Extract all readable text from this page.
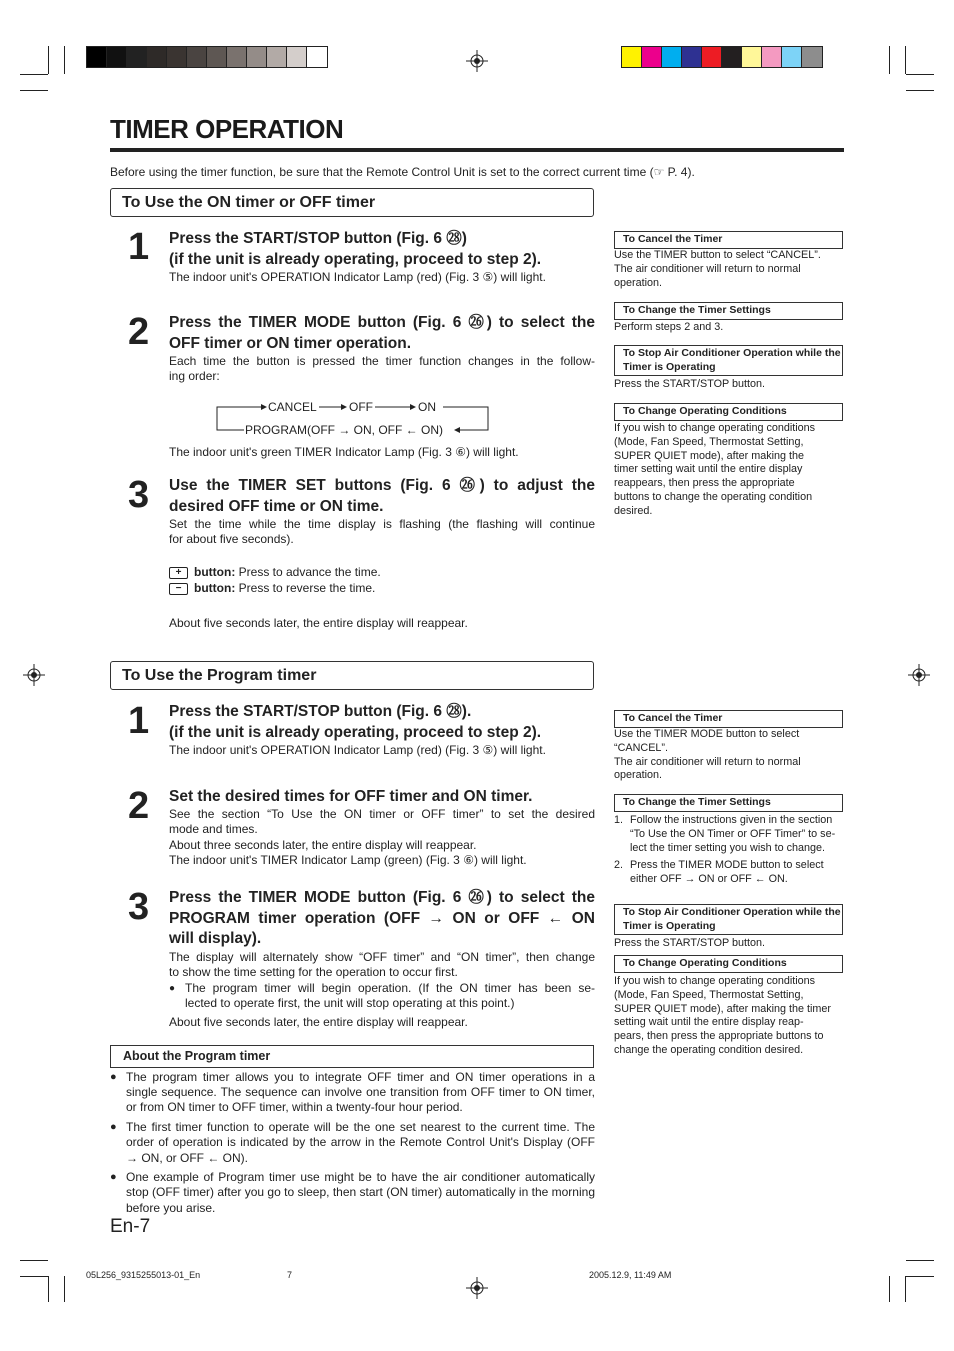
TIMER OPERATION
Before using the timer function, be sure that the Remote Control Unit is set to the correct current time (☞ P. 4).
To Use the ON timer or OFF timer
1 Press the START/STOP button (Fig. 6 ㉘)
(if the unit is already operating, proceed to step 2).
The indoor unit's OPERATION Indicator Lamp (red) (Fig. 3 ⑤) will light.
2 Press the TIMER MODE button (Fig. 6 ㉖) to select the
OFF timer or ON timer operation.
Each time the button is pressed the timer function changes in the follow-
ing order:
CANCEL	OFF	ON
PROGRAM(OFF → ON, OFF ← ON)
The indoor unit's green TIMER Indicator Lamp (Fig. 3 ⑥) will light.
3 Use the TIMER SET buttons (Fig. 6 ㉖) to adjust the
desired OFF time or ON time.
Set the time while the time display is flashing (the flashing will continue
for about five seconds).
+ button: Press to advance the time.
− button: Press to reverse the time.
About five seconds later, the entire display will reappear.
To Cancel the Timer

Use the TIMER button to select “CANCEL”.

The air conditioner will return to normal

operation.

To Change the Timer Settings

Perform steps 2 and 3.

To Stop Air Conditioner Operation while the Timer is Operating

Press the START/STOP button.

To Change Operating Conditions

If you wish to change operating conditions

(Mode, Fan Speed, Thermostat Setting,

SUPER QUIET mode), after making the

timer setting wait until the entire display

reappears, then press the appropriate

buttons to change the operating condition

desired.

To Use the Program timer
1 Press the START/STOP button (Fig. 6 ㉘).
(if the unit is already operating, proceed to step 2).
The indoor unit's OPERATION Indicator Lamp (red) (Fig. 3 ⑤) will light.
2 Set the desired times for OFF timer and ON timer.
See the section “To Use the ON timer or OFF timer” to set the desired
mode and times.
About three seconds later, the entire display will reappear.
The indoor unit's TIMER Indicator Lamp (green) (Fig. 3 ⑥) will light.
3 Press the TIMER MODE button (Fig. 6 ㉖) to select the
PROGRAM timer operation (OFF → ON or OFF ← ON
will display).
The display will alternately show “OFF timer” and “ON timer”, then change
to show the time setting for the operation to occur first.
● The program timer will begin operation. (If the ON timer has been se-
lected to operate first, the unit will stop operating at this point.)
About five seconds later, the entire display will reappear.
To Cancel the Timer

Use the TIMER MODE button to select

“CANCEL”.

The air conditioner will return to normal

operation.

To Change the Timer Settings
1. Follow the instructions given in the section

“To Use the ON Timer or OFF Timer” to se-

lect the timer setting you wish to change.

2. Press the TIMER MODE button to select

either OFF → ON or OFF ← ON.

To Stop Air Conditioner Operation while the Timer is Operating

Press the START/STOP button.

To Change Operating Conditions

If you wish to change operating conditions

(Mode, Fan Speed, Thermostat Setting,

SUPER QUIET mode), after making the timer

setting wait until the entire display reap-

pears, then press the appropriate buttons to

change the operating condition desired.

About the Program timer
● The program timer allows you to integrate OFF timer and ON timer operations in a single sequence. The sequence can involve one transition from OFF timer to ON timer, or from ON timer to OFF timer, within a twenty-four hour period.
● The first timer function to operate will be the one set nearest to the current time. The order of operation is indicated by the arrow in the Remote Control Unit's Display (OFF → ON, or OFF ← ON).
● One example of Program timer use might be to have the air conditioner automatically stop (OFF timer) after you go to sleep, then start (ON timer) automatically in the morning before you arise.
En-7
05L256_9315255013-01_En	7	2005.12.9, 11:49 AM
